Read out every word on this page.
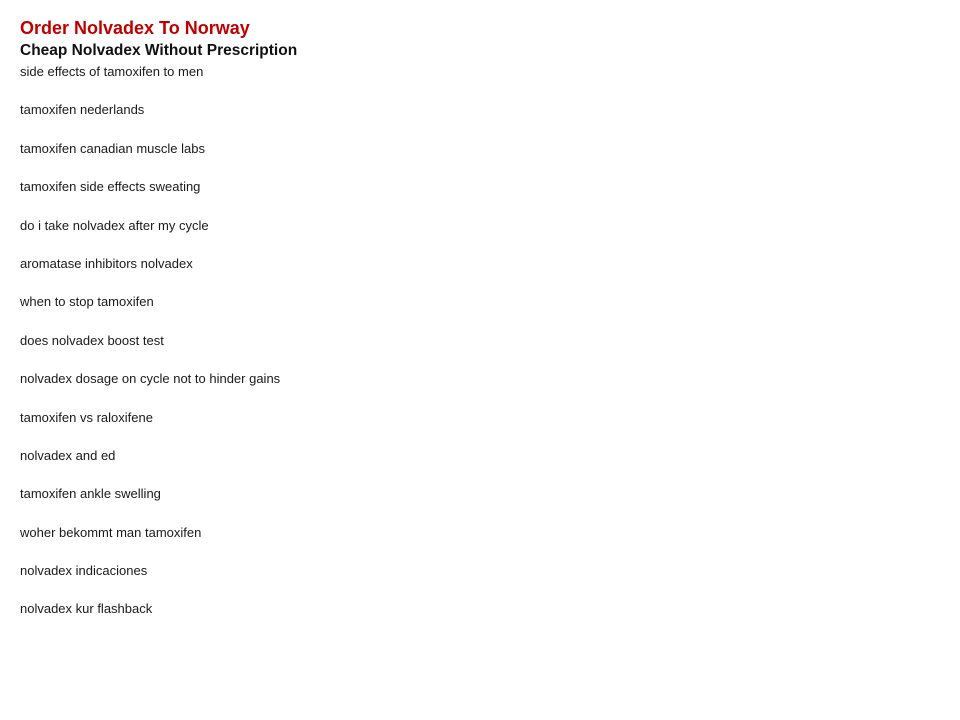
Order Nolvadex To Norway
Cheap Nolvadex Without Prescription
side effects of tamoxifen to men
tamoxifen nederlands
tamoxifen canadian muscle labs
tamoxifen side effects sweating
do i take nolvadex after my cycle
aromatase inhibitors nolvadex
when to stop tamoxifen
does nolvadex boost test
nolvadex dosage on cycle not to hinder gains
tamoxifen vs raloxifene
nolvadex and ed
tamoxifen ankle swelling
woher bekommt man tamoxifen
nolvadex indicaciones
nolvadex kur flashback
